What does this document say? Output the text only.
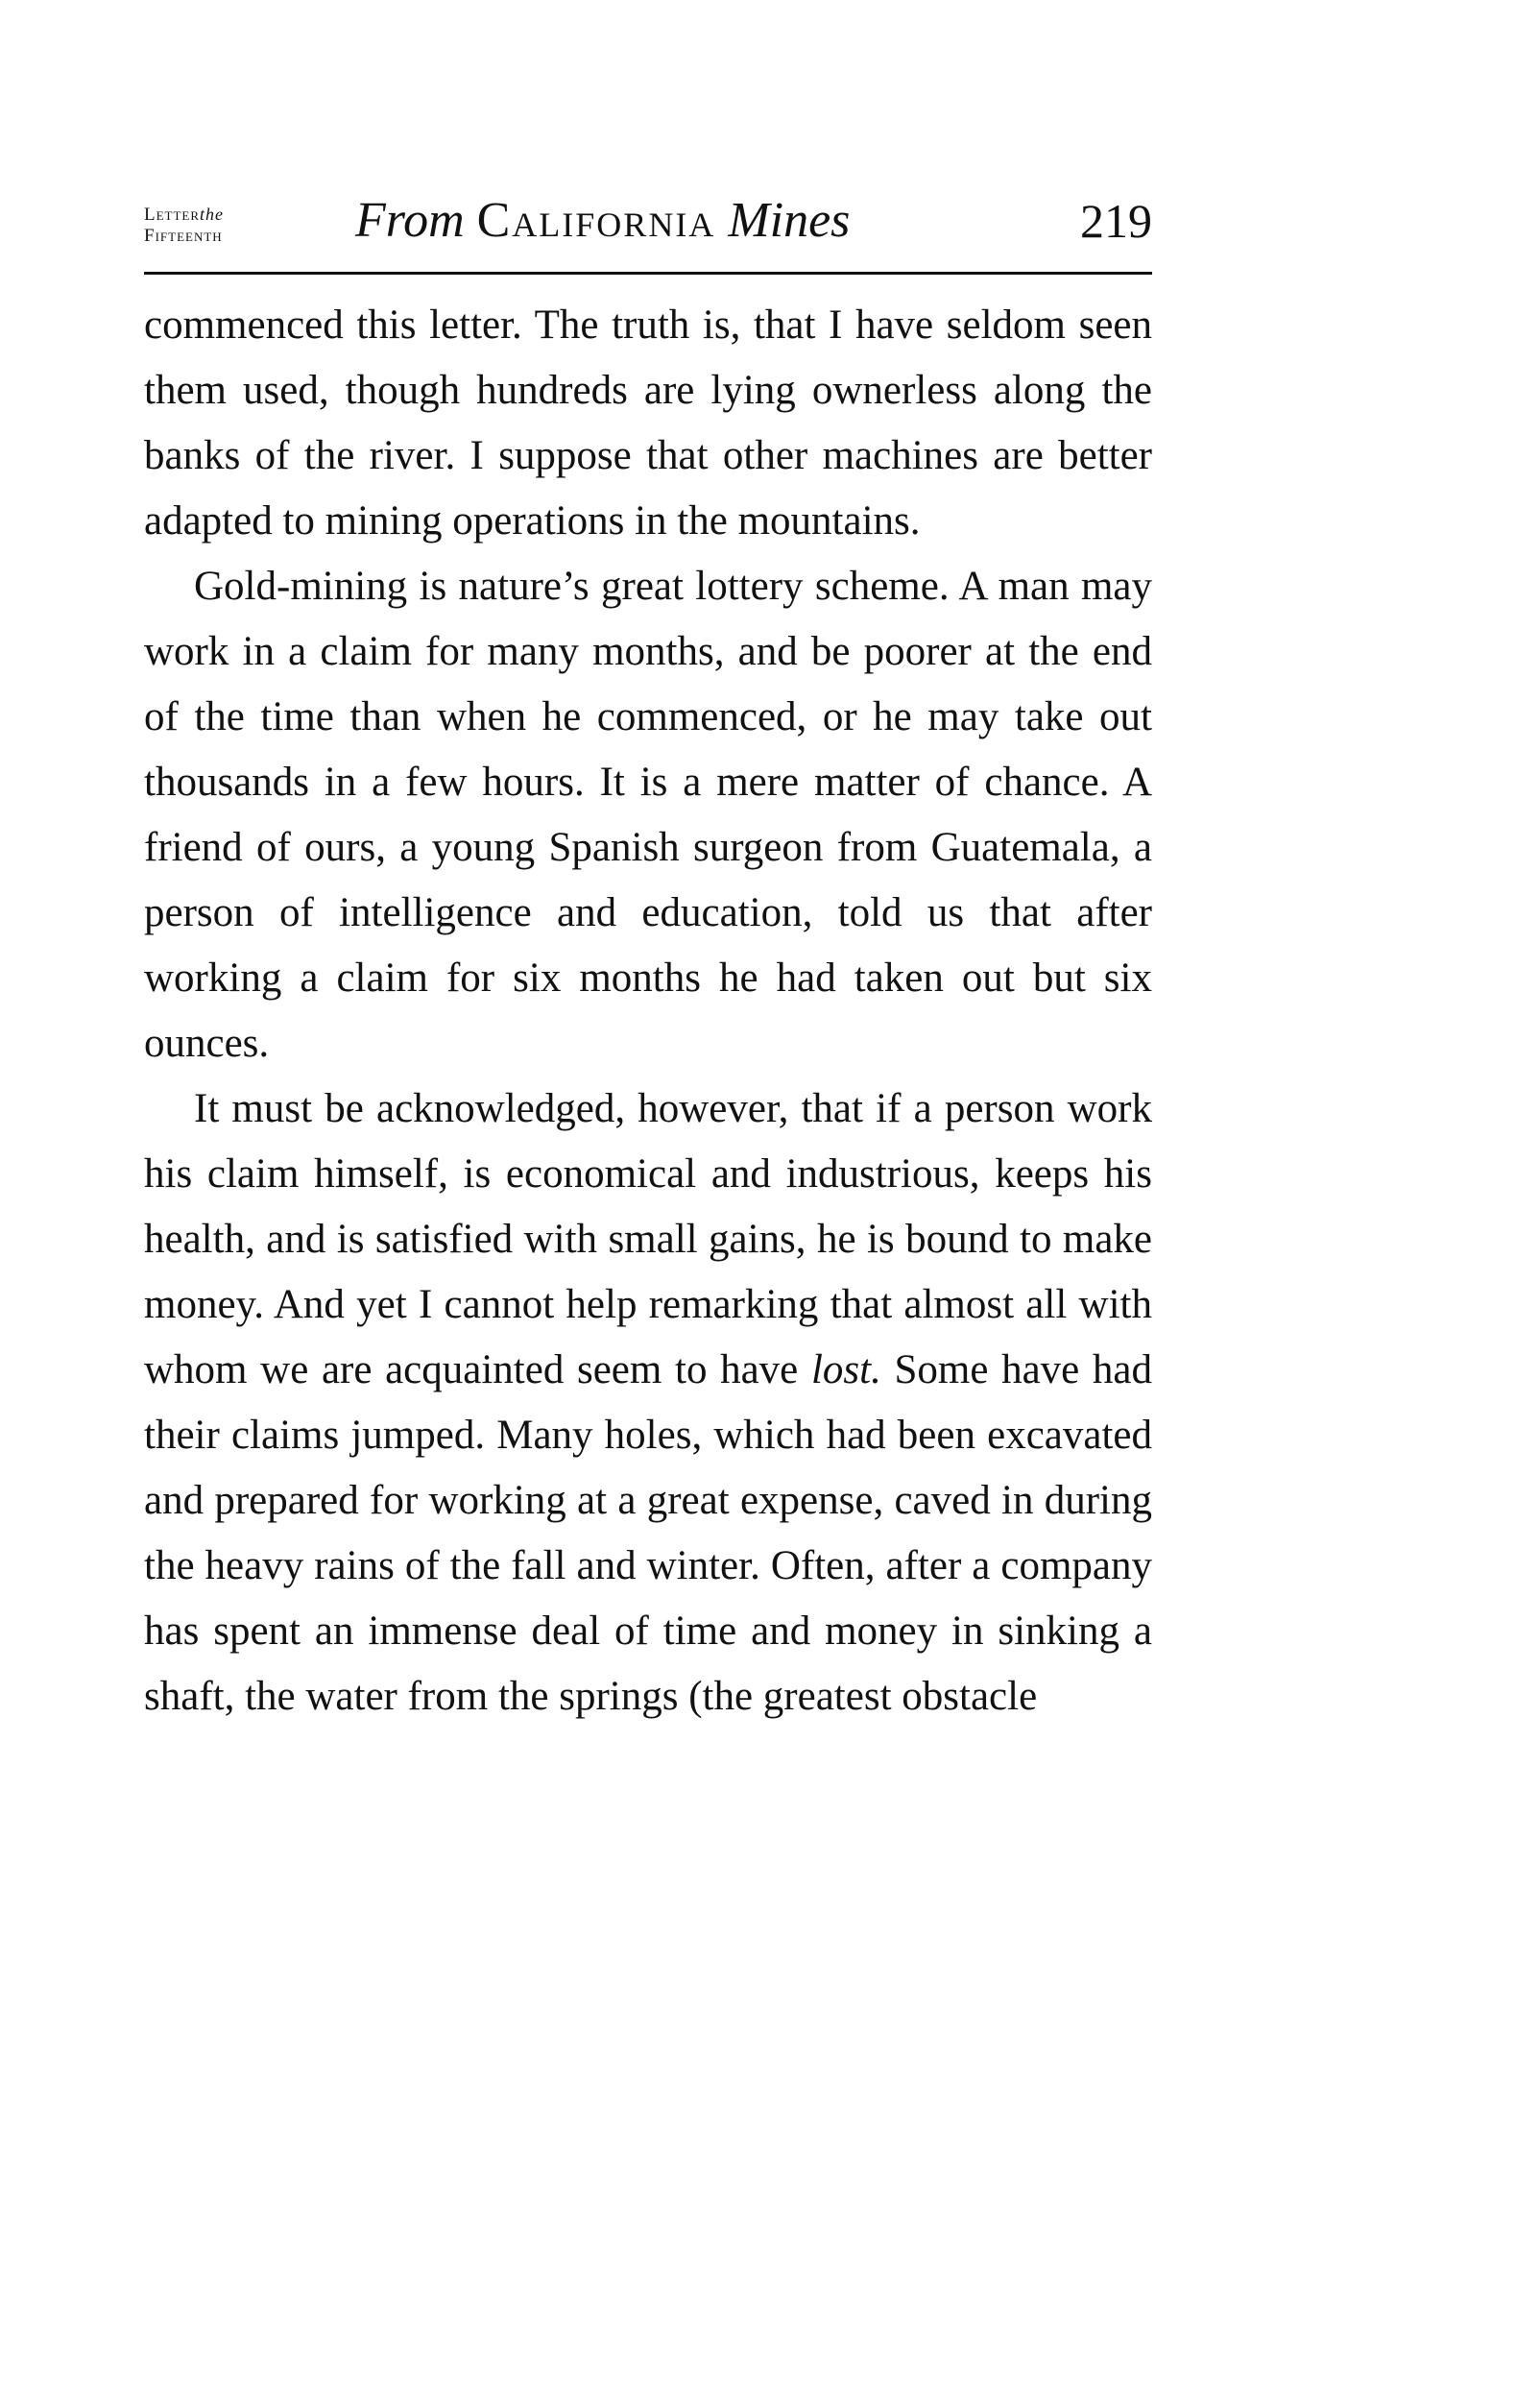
Letterthe
Fifteenth	From California Mines	219

commenced this letter. The truth is, that I have seldom seen them used, though hundreds are lying ownerless along the banks of the river. I suppose that other machines are better adapted to mining operations in the mountains.

Gold-mining is nature’s great lottery scheme. A man may work in a claim for many months, and be poorer at the end of the time than when he commenced, or he may take out thousands in a few hours. It is a mere matter of chance. A friend of ours, a young Spanish surgeon from Guatemala, a person of intelligence and education, told us that after working a claim for six months he had taken out but six ounces.

It must be acknowledged, however, that if a person work his claim himself, is economical and industrious, keeps his health, and is satisfied with small gains, he is bound to make money. And yet I cannot help remarking that almost all with whom we are acquainted seem to have lost. Some have had their claims jumped. Many holes, which had been excavated and prepared for working at a great expense, caved in during the heavy rains of the fall and winter. Often, after a company has spent an immense deal of time and money in sinking a shaft, the water from the springs (the greatest obstacle
